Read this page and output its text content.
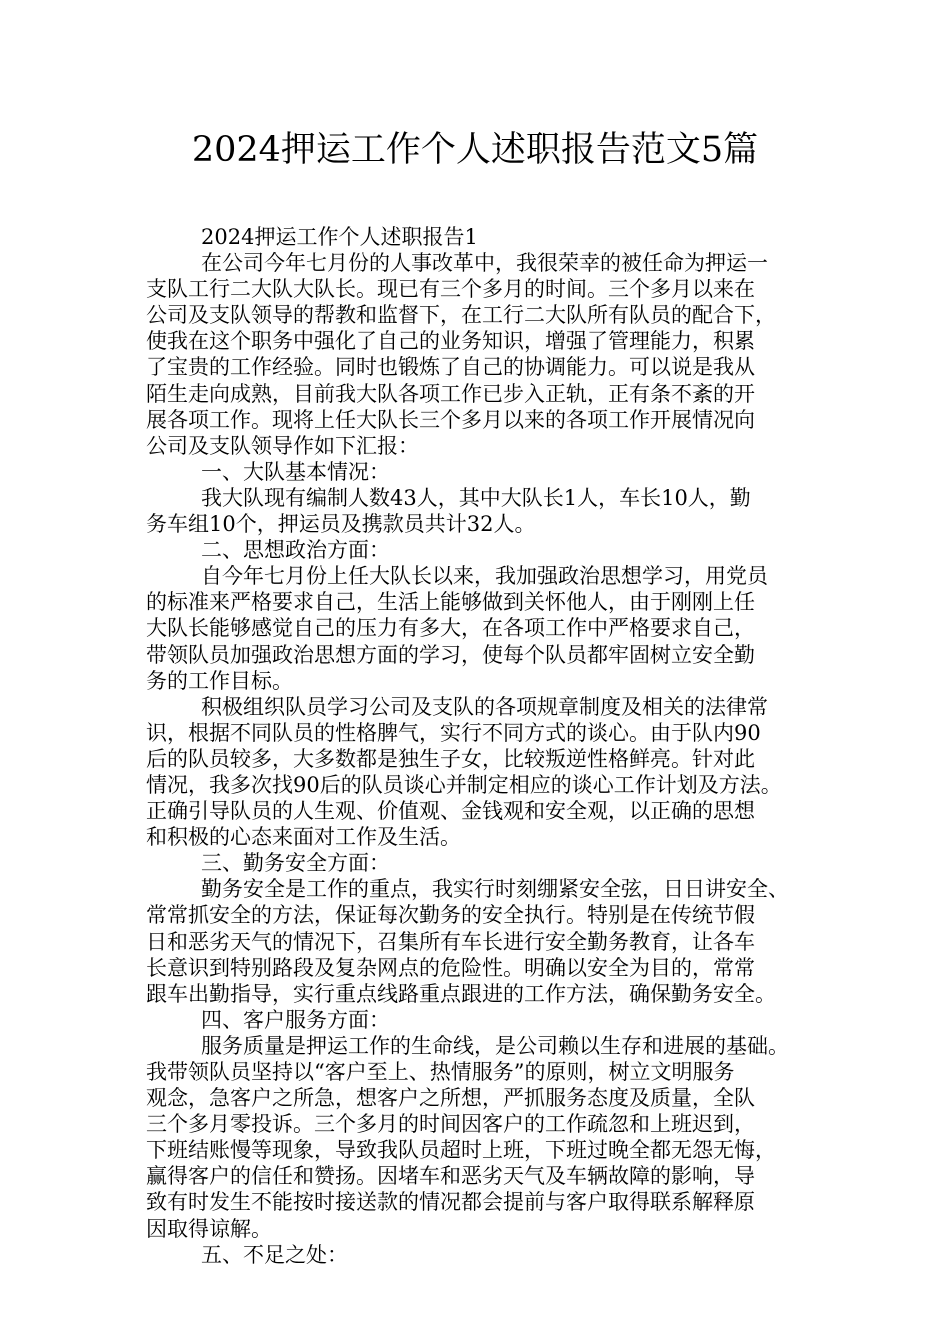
2024押运工作个人述职报告范文5篇
2024押运工作个人述职报告1
在公司今年七月份的人事改革中，我很荣幸的被任命为押运一
支队工行二大队大队长。现已有三个多月的时间。三个多月以来在
公司及支队领导的帮教和监督下，在工行二大队所有队员的配合下，
使我在这个职务中强化了自己的业务知识，增强了管理能力，积累
了宝贵的工作经验。同时也锻炼了自己的协调能力。可以说是我从
陌生走向成熟，目前我大队各项工作已步入正轨，正有条不紊的开
展各项工作。现将上任大队长三个多月以来的各项工作开展情况向
公司及支队领导作如下汇报：
一、大队基本情况：
我大队现有编制人数43人，其中大队长1人，车长10人，勤
务车组10个，押运员及携款员共计32人。
二、思想政治方面：
自今年七月份上任大队长以来，我加强政治思想学习，用党员
的标准来严格要求自己，生活上能够做到关怀他人，由于刚刚上任
大队长能够感觉自己的压力有多大，在各项工作中严格要求自己，
带领队员加强政治思想方面的学习，使每个队员都牢固树立安全勤
务的工作目标。
积极组织队员学习公司及支队的各项规章制度及相关的法律常
识，根据不同队员的性格脾气，实行不同方式的谈心。由于队内90
后的队员较多，大多数都是独生子女，比较叛逆性格鲜亮。针对此
情况，我多次找90后的队员谈心并制定相应的谈心工作计划及方法。
正确引导队员的人生观、价值观、金钱观和安全观，以正确的思想
和积极的心态来面对工作及生活。
三、勤务安全方面：
勤务安全是工作的重点，我实行时刻绷紧安全弦，日日讲安全、
常常抓安全的方法，保证每次勤务的安全执行。特别是在传统节假
日和恶劣天气的情况下，召集所有车长进行安全勤务教育，让各车
长意识到特别路段及复杂网点的危险性。明确以安全为目的，常常
跟车出勤指导，实行重点线路重点跟进的工作方法，确保勤务安全。
四、客户服务方面：
服务质量是押运工作的生命线，是公司赖以生存和进展的基础。
我带领队员坚持以“客户至上、热情服务”的原则，树立文明服务
观念，急客户之所急，想客户之所想，严抓服务态度及质量，全队
三个多月零投诉。三个多月的时间因客户的工作疏忽和上班迟到，
下班结账慢等现象，导致我队员超时上班，下班过晚全都无怨无悔，
赢得客户的信任和赞扬。因堵车和恶劣天气及车辆故障的影响，导
致有时发生不能按时接送款的情况都会提前与客户取得联系解释原
因取得谅解。
五、不足之处：
